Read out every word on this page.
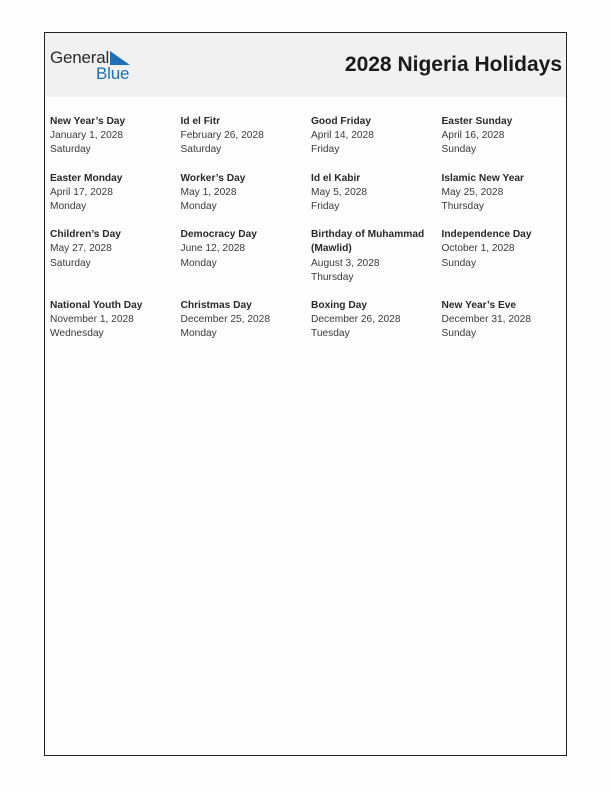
General
Blue	2028 Nigeria Holidays
New Year’s Day
January 1, 2028
Saturday
Id el Fitr
February 26, 2028
Saturday
Good Friday
April 14, 2028
Friday
Easter Sunday
April 16, 2028
Sunday
Easter Monday
April 17, 2028
Monday
Worker’s Day
May 1, 2028
Monday
Id el Kabir
May 5, 2028
Friday
Islamic New Year
May 25, 2028
Thursday
Children’s Day
May 27, 2028
Saturday
Democracy Day
June 12, 2028
Monday
Birthday of Muhammad (Mawlid)
August 3, 2028
Thursday
Independence Day
October 1, 2028
Sunday
National Youth Day
November 1, 2028
Wednesday
Christmas Day
December 25, 2028
Monday
Boxing Day
December 26, 2028
Tuesday
New Year’s Eve
December 31, 2028
Sunday
